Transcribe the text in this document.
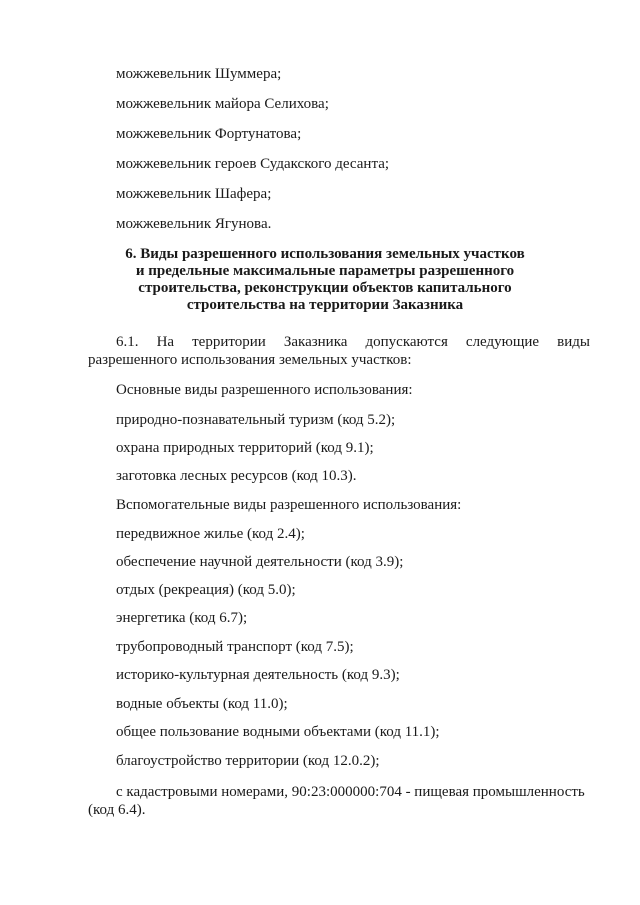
можжевельник Шуммера;
можжевельник майора Селихова;
можжевельник Фортунатова;
можжевельник героев Судакского десанта;
можжевельник Шафера;
можжевельник Ягунова.
6. Виды разрешенного использования земельных участков
и предельные максимальные параметры разрешенного
строительства, реконструкции объектов капитального
строительства на территории Заказника
6.1. На территории Заказника допускаются следующие виды
разрешенного использования земельных участков:
Основные виды разрешенного использования:
природно-познавательный туризм (код 5.2);
охрана природных территорий (код 9.1);
заготовка лесных ресурсов (код 10.3).
Вспомогательные виды разрешенного использования:
передвижное жилье (код 2.4);
обеспечение научной деятельности (код 3.9);
отдых (рекреация) (код 5.0);
энергетика (код 6.7);
трубопроводный транспорт (код 7.5);
историко-культурная деятельность (код 9.3);
водные объекты (код 11.0);
общее пользование водными объектами (код 11.1);
благоустройство территории (код 12.0.2);
с кадастровыми номерами, 90:23:000000:704 - пищевая промышленность
(код 6.4).
